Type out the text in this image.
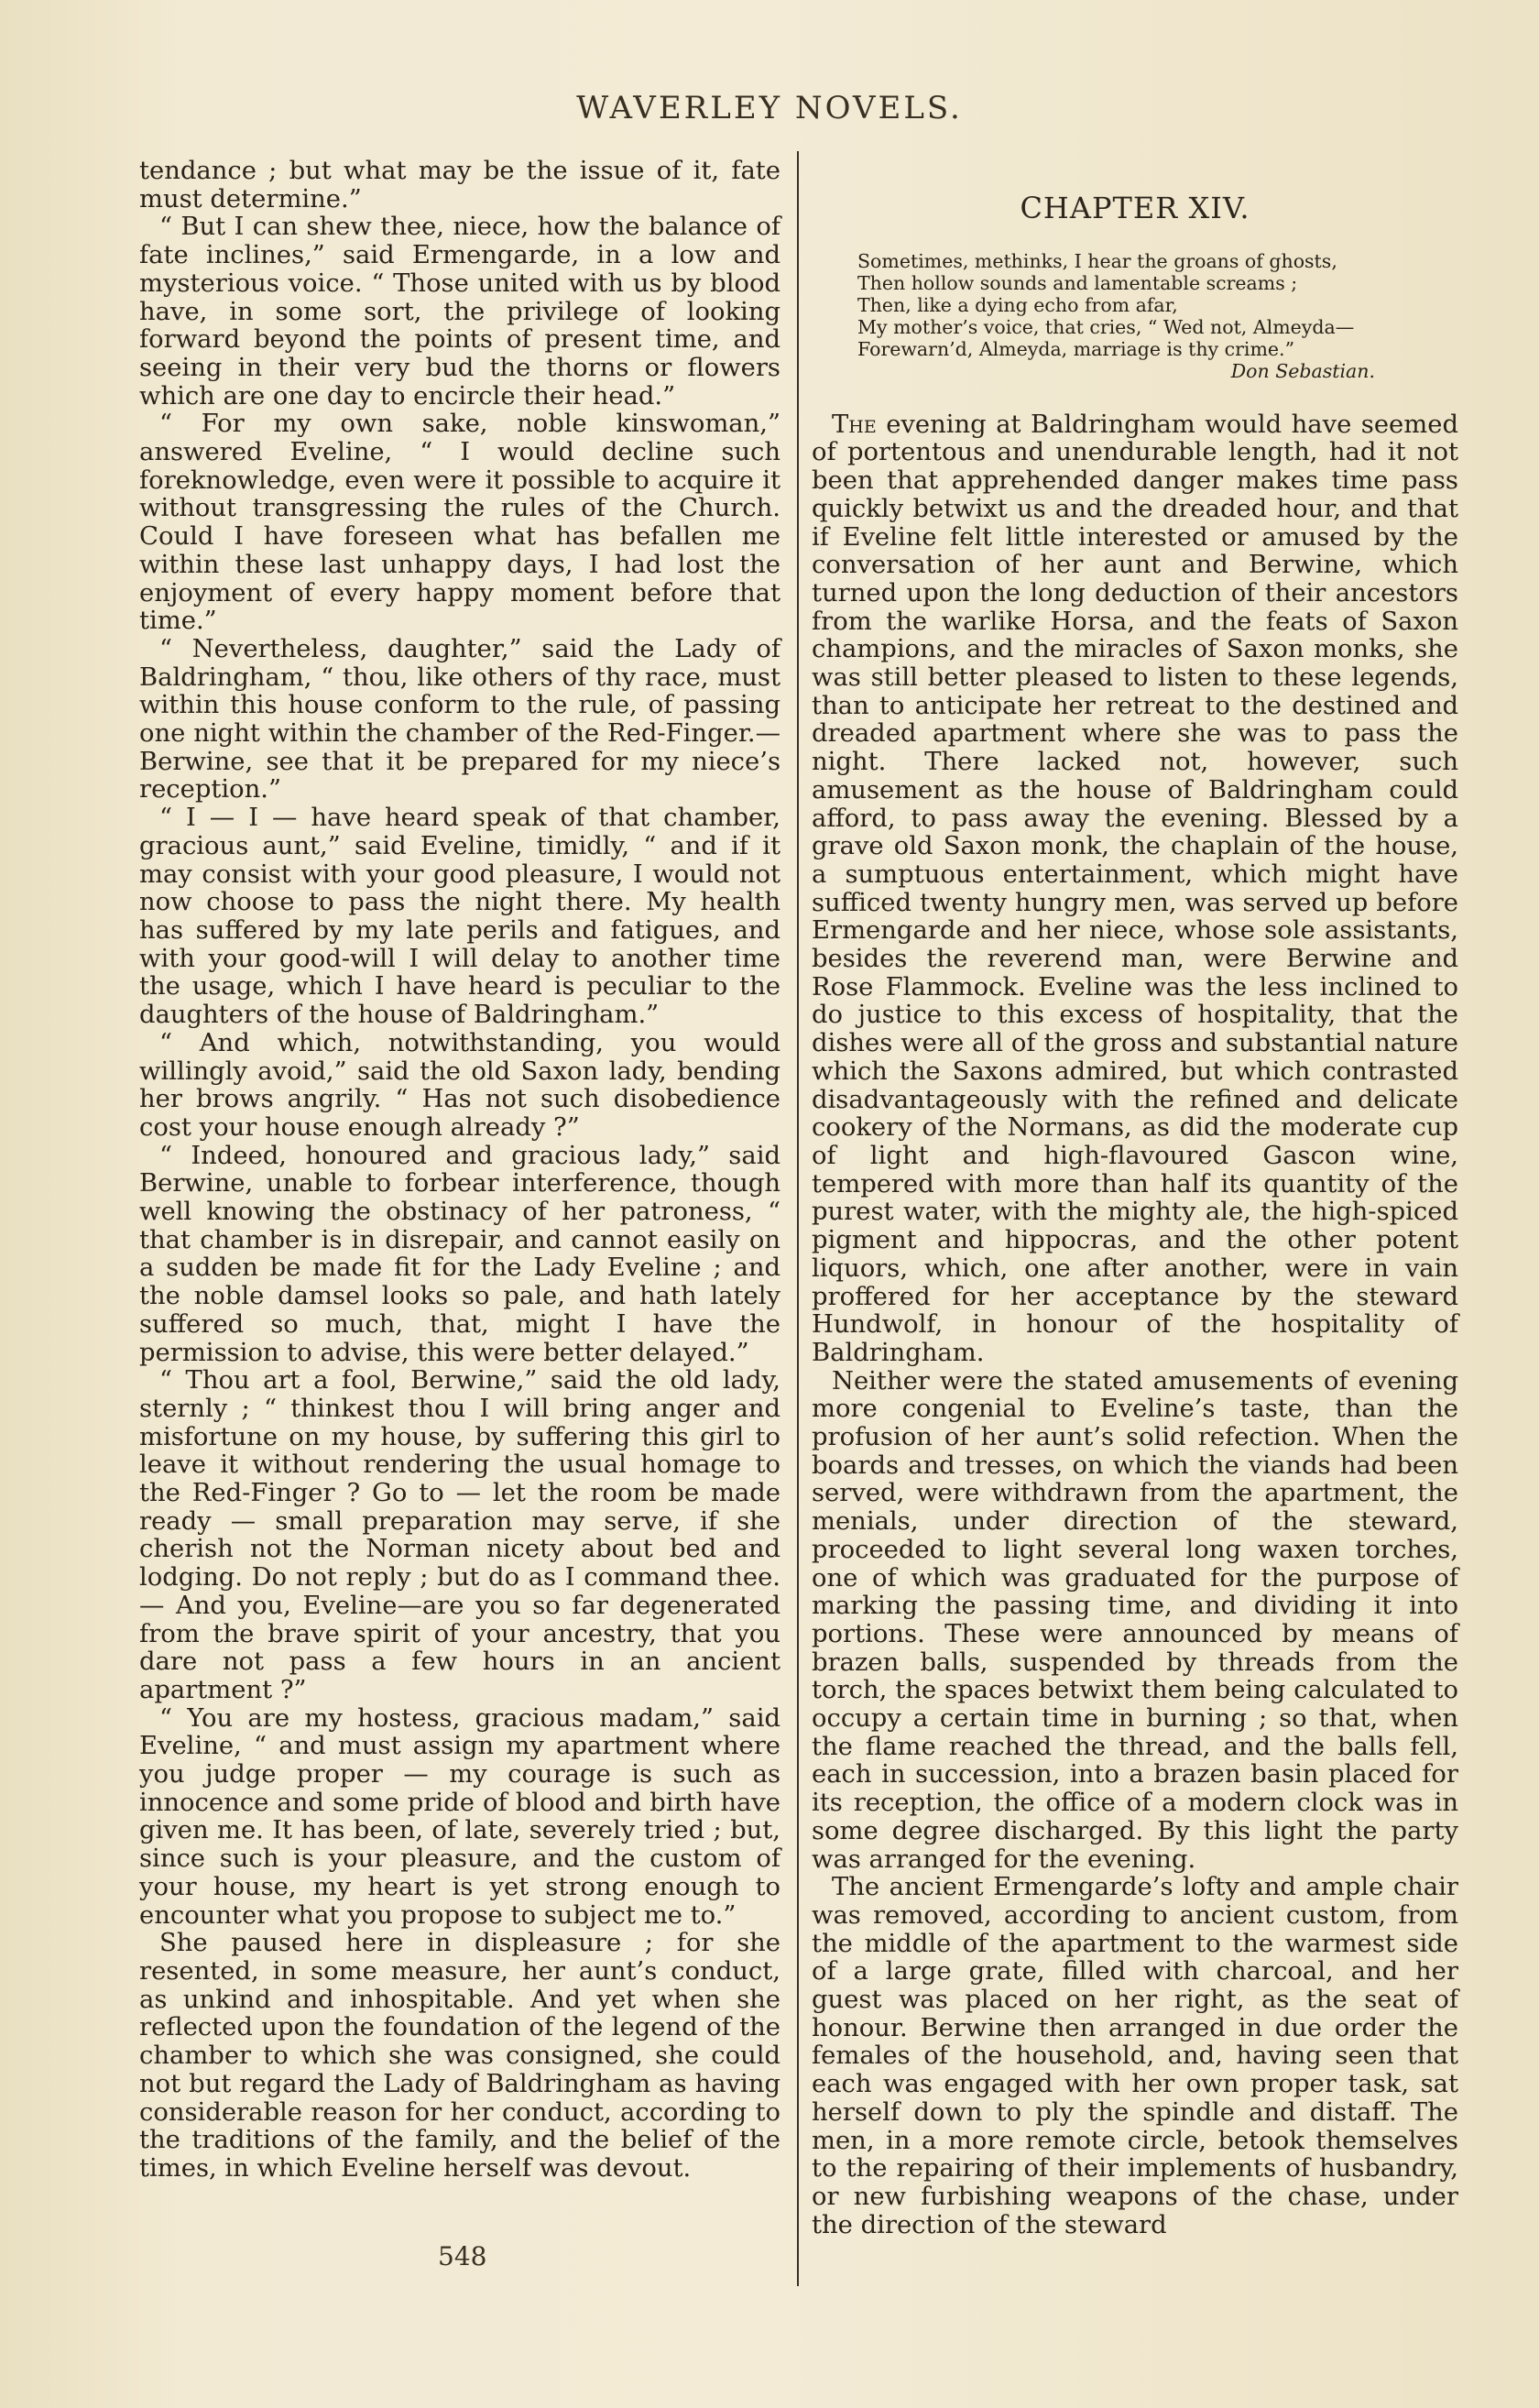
WAVERLEY NOVELS.

tendance ; but what may be the issue of it, fate must determine.”

“ But I can shew thee, niece, how the balance of fate inclines,” said Ermengarde, in a low and mysterious voice. “ Those united with us by blood have, in some sort, the privilege of looking forward beyond the points of present time, and seeing in their very bud the thorns or flowers which are one day to encircle their head.”

“ For my own sake, noble kinswoman,” answered Eveline, “ I would decline such foreknowledge, even were it possible to acquire it without transgressing the rules of the Church. Could I have foreseen what has befallen me within these last unhappy days, I had lost the enjoyment of every happy moment before that time.”

“ Nevertheless, daughter,” said the Lady of Baldringham, “ thou, like others of thy race, must within this house conform to the rule, of passing one night within the chamber of the Red-Finger.— Berwine, see that it be prepared for my niece’s reception.”

“ I — I — have heard speak of that chamber, gracious aunt,” said Eveline, timidly, “ and if it may consist with your good pleasure, I would not now choose to pass the night there. My health has suffered by my late perils and fatigues, and with your good-will I will delay to another time the usage, which I have heard is peculiar to the daughters of the house of Baldringham.”

“ And which, notwithstanding, you would willingly avoid,” said the old Saxon lady, bending her brows angrily. “ Has not such disobedience cost your house enough already ?”

“ Indeed, honoured and gracious lady,” said Berwine, unable to forbear interference, though well knowing the obstinacy of her patroness, “ that chamber is in disrepair, and cannot easily on a sudden be made fit for the Lady Eveline ; and the noble damsel looks so pale, and hath lately suffered so much, that, might I have the permission to advise, this were better delayed.”

“ Thou art a fool, Berwine,” said the old lady, sternly ; “ thinkest thou I will bring anger and misfortune on my house, by suffering this girl to leave it without rendering the usual homage to the Red-Finger ? Go to — let the room be made ready — small preparation may serve, if she cherish not the Norman nicety about bed and lodging. Do not reply ; but do as I command thee. — And you, Eveline—are you so far degenerated from the brave spirit of your ancestry, that you dare not pass a few hours in an ancient apartment ?”

“ You are my hostess, gracious madam,” said Eveline, “ and must assign my apartment where you judge proper — my courage is such as innocence and some pride of blood and birth have given me. It has been, of late, severely tried ; but, since such is your pleasure, and the custom of your house, my heart is yet strong enough to encounter what you propose to subject me to.”

She paused here in displeasure ; for she resented, in some measure, her aunt’s conduct, as unkind and inhospitable. And yet when she reflected upon the foundation of the legend of the chamber to which she was consigned, she could not but regard the Lady of Baldringham as having considerable reason for her conduct, according to the traditions of the family, and the belief of the times, in which Eveline herself was devout.

CHAPTER XIV.
Sometimes, methinks, I hear the groans of ghosts,
Then hollow sounds and lamentable screams ;
Then, like a dying echo from afar,
My mother’s voice, that cries, “ Wed not, Almeyda—
Forewarn’d, Almeyda, marriage is thy crime.”
Don Sebastian.

The evening at Baldringham would have seemed of portentous and unendurable length, had it not been that apprehended danger makes time pass quickly betwixt us and the dreaded hour, and that if Eveline felt little interested or amused by the conversation of her aunt and Berwine, which turned upon the long deduction of their ancestors from the warlike Horsa, and the feats of Saxon champions, and the miracles of Saxon monks, she was still better pleased to listen to these legends, than to anticipate her retreat to the destined and dreaded apartment where she was to pass the night. There lacked not, however, such amusement as the house of Baldringham could afford, to pass away the evening. Blessed by a grave old Saxon monk, the chaplain of the house, a sumptuous entertainment, which might have sufficed twenty hungry men, was served up before Ermengarde and her niece, whose sole assistants, besides the reverend man, were Berwine and Rose Flammock. Eveline was the less inclined to do justice to this excess of hospitality, that the dishes were all of the gross and substantial nature which the Saxons admired, but which contrasted disadvantageously with the refined and delicate cookery of the Normans, as did the moderate cup of light and high-flavoured Gascon wine, tempered with more than half its quantity of the purest water, with the mighty ale, the high-spiced pigment and hippocras, and the other potent liquors, which, one after another, were in vain proffered for her acceptance by the steward Hundwolf, in honour of the hospitality of Baldringham.

Neither were the stated amusements of evening more congenial to Eveline’s taste, than the profusion of her aunt’s solid refection. When the boards and tresses, on which the viands had been served, were withdrawn from the apartment, the menials, under direction of the steward, proceeded to light several long waxen torches, one of which was graduated for the purpose of marking the passing time, and dividing it into portions. These were announced by means of brazen balls, suspended by threads from the torch, the spaces betwixt them being calculated to occupy a certain time in burning ; so that, when the flame reached the thread, and the balls fell, each in succession, into a brazen basin placed for its reception, the office of a modern clock was in some degree discharged. By this light the party was arranged for the evening.

The ancient Ermengarde’s lofty and ample chair was removed, according to ancient custom, from the middle of the apartment to the warmest side of a large grate, filled with charcoal, and her guest was placed on her right, as the seat of honour. Berwine then arranged in due order the females of the household, and, having seen that each was engaged with her own proper task, sat herself down to ply the spindle and distaff. The men, in a more remote circle, betook themselves to the repairing of their implements of husbandry, or new furbishing weapons of the chase, under the direction of the steward

548
